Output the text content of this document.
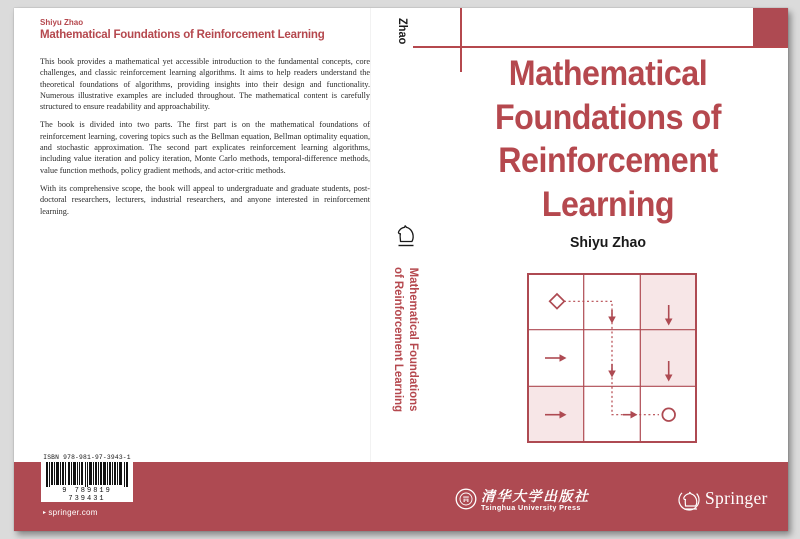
Shiyu Zhao
Mathematical Foundations of Reinforcement Learning

This book provides a mathematical yet accessible introduction to the fundamental concepts, core challenges, and classic reinforcement learning algorithms. It aims to help readers understand the theoretical foundations of algorithms, providing insights into their design and functionality. Numerous illustrative examples are included throughout. The mathematical content is carefully structured to ensure readability and approachability.

The book is divided into two parts. The first part is on the mathematical foundations of reinforcement learning, covering topics such as the Bellman equation, Bellman optimality equation, and stochastic approximation. The second part explicates reinforcement learning algorithms, including value iteration and policy iteration, Monte Carlo methods, temporal-difference methods, value function methods, policy gradient methods, and actor-critic methods.

With its comprehensive scope, the book will appeal to undergraduate and graduate students, post-doctoral researchers, lecturers, industrial researchers, and anyone interested in reinforcement learning.

ISBN 978-981-97-3943-1
9 789819 739431
▸ springer.com
Zhao
Mathematical Foundations
of Reinforcement Learning
Mathematical
Foundations of
Reinforcement
Learning
Shiyu Zhao
清华大学出版社
Tsinghua University Press	Springer
